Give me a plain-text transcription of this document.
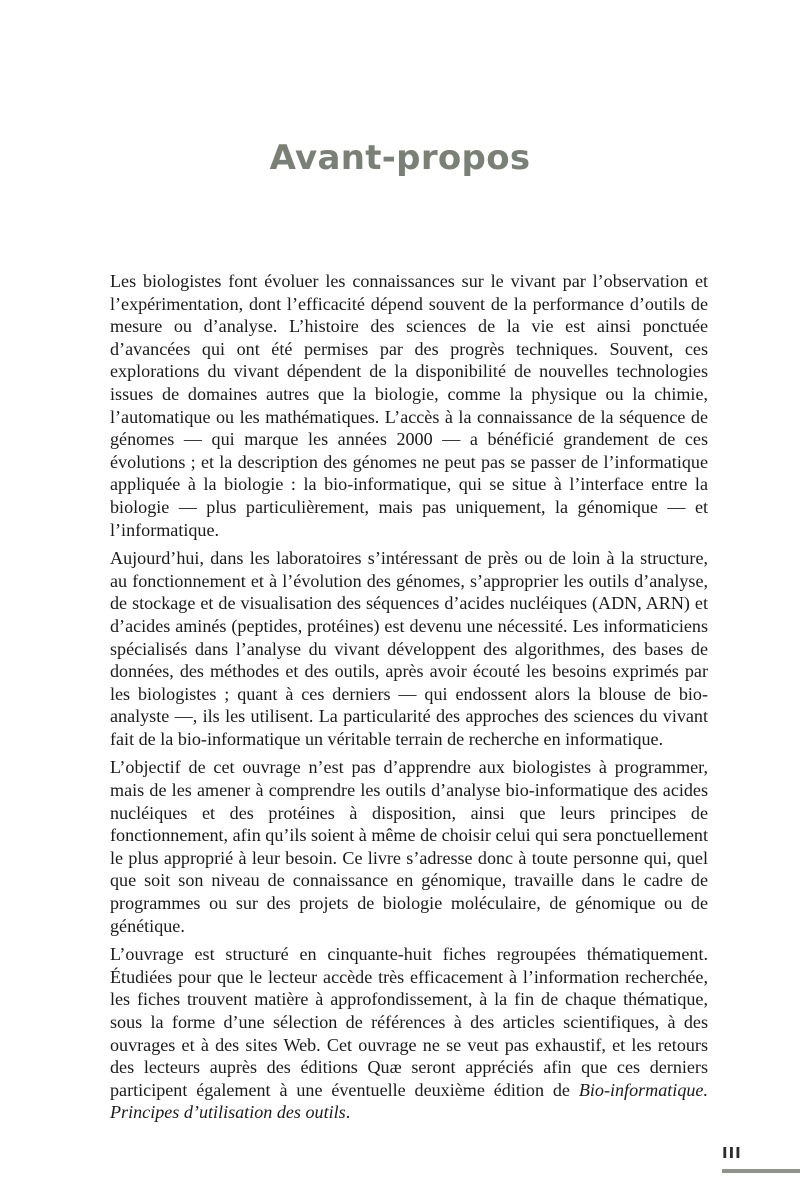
Avant-propos

Les biologistes font évoluer les connaissances sur le vivant par l’observation et l’expérimentation, dont l’efficacité dépend souvent de la performance d’outils de mesure ou d’analyse. L’histoire des sciences de la vie est ainsi ponctuée d’avancées qui ont été permises par des progrès techniques. Souvent, ces explorations du vivant dépendent de la disponibilité de nouvelles technologies issues de domaines autres que la biologie, comme la physique ou la chimie, l’automatique ou les mathématiques. L’accès à la connaissance de la séquence de génomes — qui marque les années 2000 — a bénéficié grandement de ces évolutions ; et la description des génomes ne peut pas se passer de l’informatique appliquée à la biologie : la bio-informatique, qui se situe à l’interface entre la biologie — plus particulièrement, mais pas uniquement, la génomique — et l’informatique.

Aujourd’hui, dans les laboratoires s’intéressant de près ou de loin à la structure, au fonctionnement et à l’évolution des génomes, s’approprier les outils d’analyse, de stockage et de visualisation des séquences d’acides nucléiques (ADN, ARN) et d’acides aminés (peptides, protéines) est devenu une nécessité. Les informaticiens spécialisés dans l’analyse du vivant développent des algorithmes, des bases de données, des méthodes et des outils, après avoir écouté les besoins exprimés par les biologistes ; quant à ces derniers — qui endossent alors la blouse de bio-analyste —, ils les utilisent. La particularité des approches des sciences du vivant fait de la bio-informatique un véritable terrain de recherche en informatique.

L’objectif de cet ouvrage n’est pas d’apprendre aux biologistes à programmer, mais de les amener à comprendre les outils d’analyse bio-informatique des acides nucléiques et des protéines à disposition, ainsi que leurs principes de fonctionnement, afin qu’ils soient à même de choisir celui qui sera ponctuellement le plus approprié à leur besoin. Ce livre s’adresse donc à toute personne qui, quel que soit son niveau de connaissance en génomique, travaille dans le cadre de programmes ou sur des projets de biologie moléculaire, de génomique ou de génétique.

L’ouvrage est structuré en cinquante-huit fiches regroupées thématiquement. Étudiées pour que le lecteur accède très efficacement à l’information recherchée, les fiches trouvent matière à approfondissement, à la fin de chaque thématique, sous la forme d’une sélection de références à des articles scientifiques, à des ouvrages et à des sites Web. Cet ouvrage ne se veut pas exhaustif, et les retours des lecteurs auprès des éditions Quæ seront appréciés afin que ces derniers participent également à une éventuelle deuxième édition de Bio-informatique. Principes d’utilisation des outils.

III
